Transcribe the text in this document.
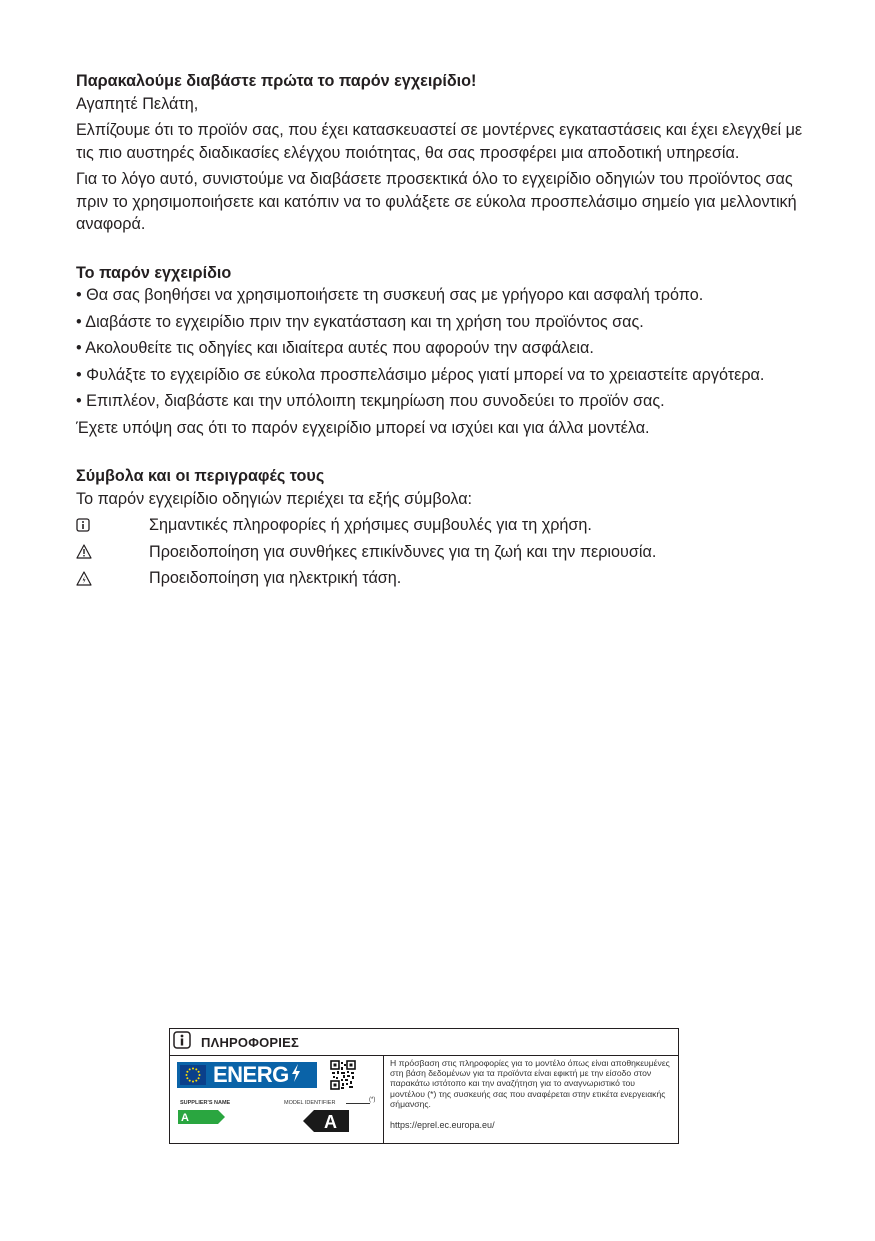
Παρακαλούμε διαβάστε πρώτα το παρόν εγχειρίδιο!

Αγαπητέ Πελάτη,

Ελπίζουμε ότι το προϊόν σας, που έχει κατασκευαστεί σε μοντέρνες εγκαταστάσεις και έχει ελεγχθεί με τις πιο αυστηρές διαδικασίες ελέγχου ποιότητας, θα σας προσφέρει μια αποδοτική υπηρεσία.

Για το λόγο αυτό, συνιστούμε να διαβάσετε προσεκτικά όλο το εγχειρίδιο οδηγιών του προϊόντος σας πριν το χρησιμοποιήσετε και κατόπιν να το φυλάξετε σε εύκολα προσπελάσιμο σημείο για μελλοντική αναφορά.

Το παρόν εγχειρίδιο

• Θα σας βοηθήσει να χρησιμοποιήσετε τη συσκευή σας με γρήγορο και ασφαλή τρόπο.

• Διαβάστε το εγχειρίδιο πριν την εγκατάσταση και τη χρήση του προϊόντος σας.

• Ακολουθείτε τις οδηγίες και ιδιαίτερα αυτές που αφορούν την ασφάλεια.

• Φυλάξτε το εγχειρίδιο σε εύκολα προσπελάσιμο μέρος γιατί μπορεί να το χρειαστείτε αργότερα.

• Επιπλέον, διαβάστε και την υπόλοιπη τεκμηρίωση που συνοδεύει το προϊόν σας.

Έχετε υπόψη σας ότι το παρόν εγχειρίδιο μπορεί να ισχύει και για άλλα μοντέλα.

Σύμβολα και οι περιγραφές τους

Το παρόν εγχειρίδιο οδηγιών περιέχει τα εξής σύμβολα:

Σημαντικές πληροφορίες ή χρήσιμες συμβουλές για τη χρήση.
Προειδοποίηση για συνθήκες επικίνδυνες για τη ζωή και την περιουσία.
Προειδοποίηση για ηλεκτρική τάση.
ΠΛΗΡΟΦΟΡΙΕΣ
ENERG
SUPPLIER'S NAME	MODEL IDENTIFIER	(*)
A	A
Η πρόσβαση στις πληροφορίες για το μοντέλο όπως είναι αποθηκευμένες στη βάση δεδομένων για τα προϊόντα είναι εφικτή με την είσοδο στον παρακάτω ιστότοπο και την αναζήτηση για το αναγνωριστικό του μοντέλου (*) της συσκευής σας που αναφέρεται στην ετικέτα ενεργειακής σήμανσης.
https://eprel.ec.europa.eu/
